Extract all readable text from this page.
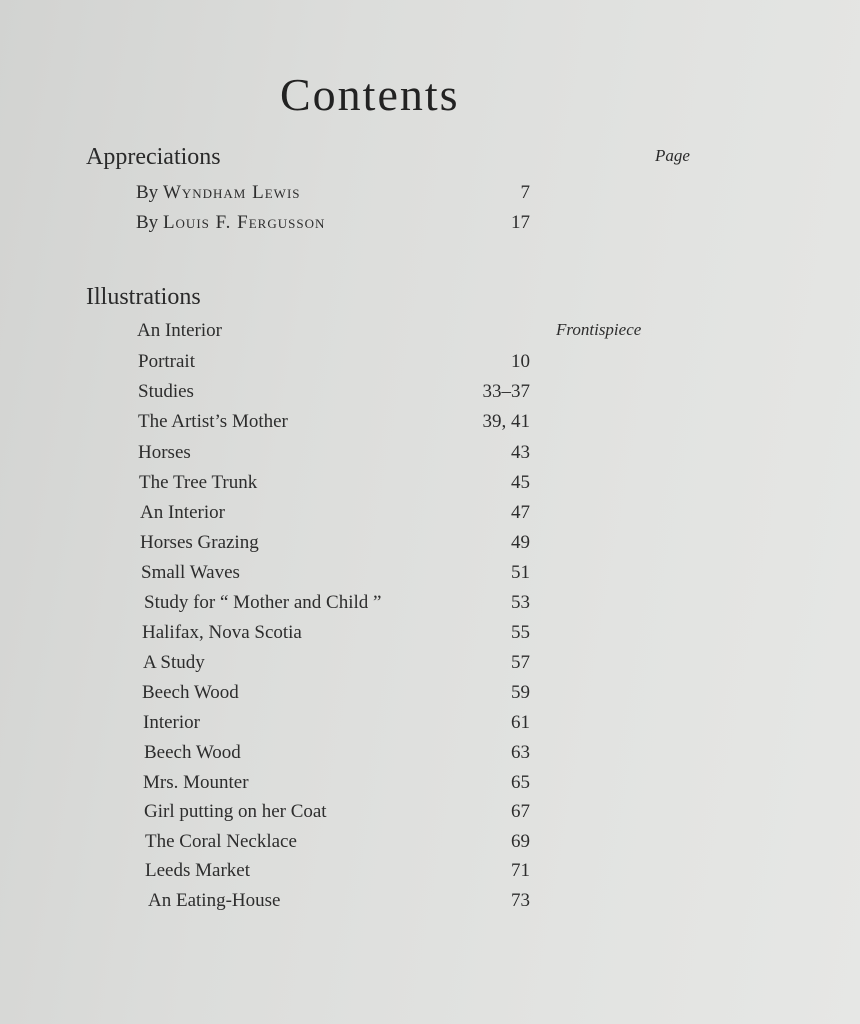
Contents
Appreciations	Page
By Wyndham Lewis	7
By Louis F. Fergusson	17
Illustrations
An Interior	Frontispiece
Portrait	10
Studies	33–37
The Artist’s Mother	39, 41
Horses	43
The Tree Trunk	45
An Interior	47
Horses Grazing	49
Small Waves	51
Study for “ Mother and Child ”	53
Halifax, Nova Scotia	55
A Study	57
Beech Wood	59
Interior	61
Beech Wood	63
Mrs. Mounter	65
Girl putting on her Coat	67
The Coral Necklace	69
Leeds Market	71
An Eating-House	73
